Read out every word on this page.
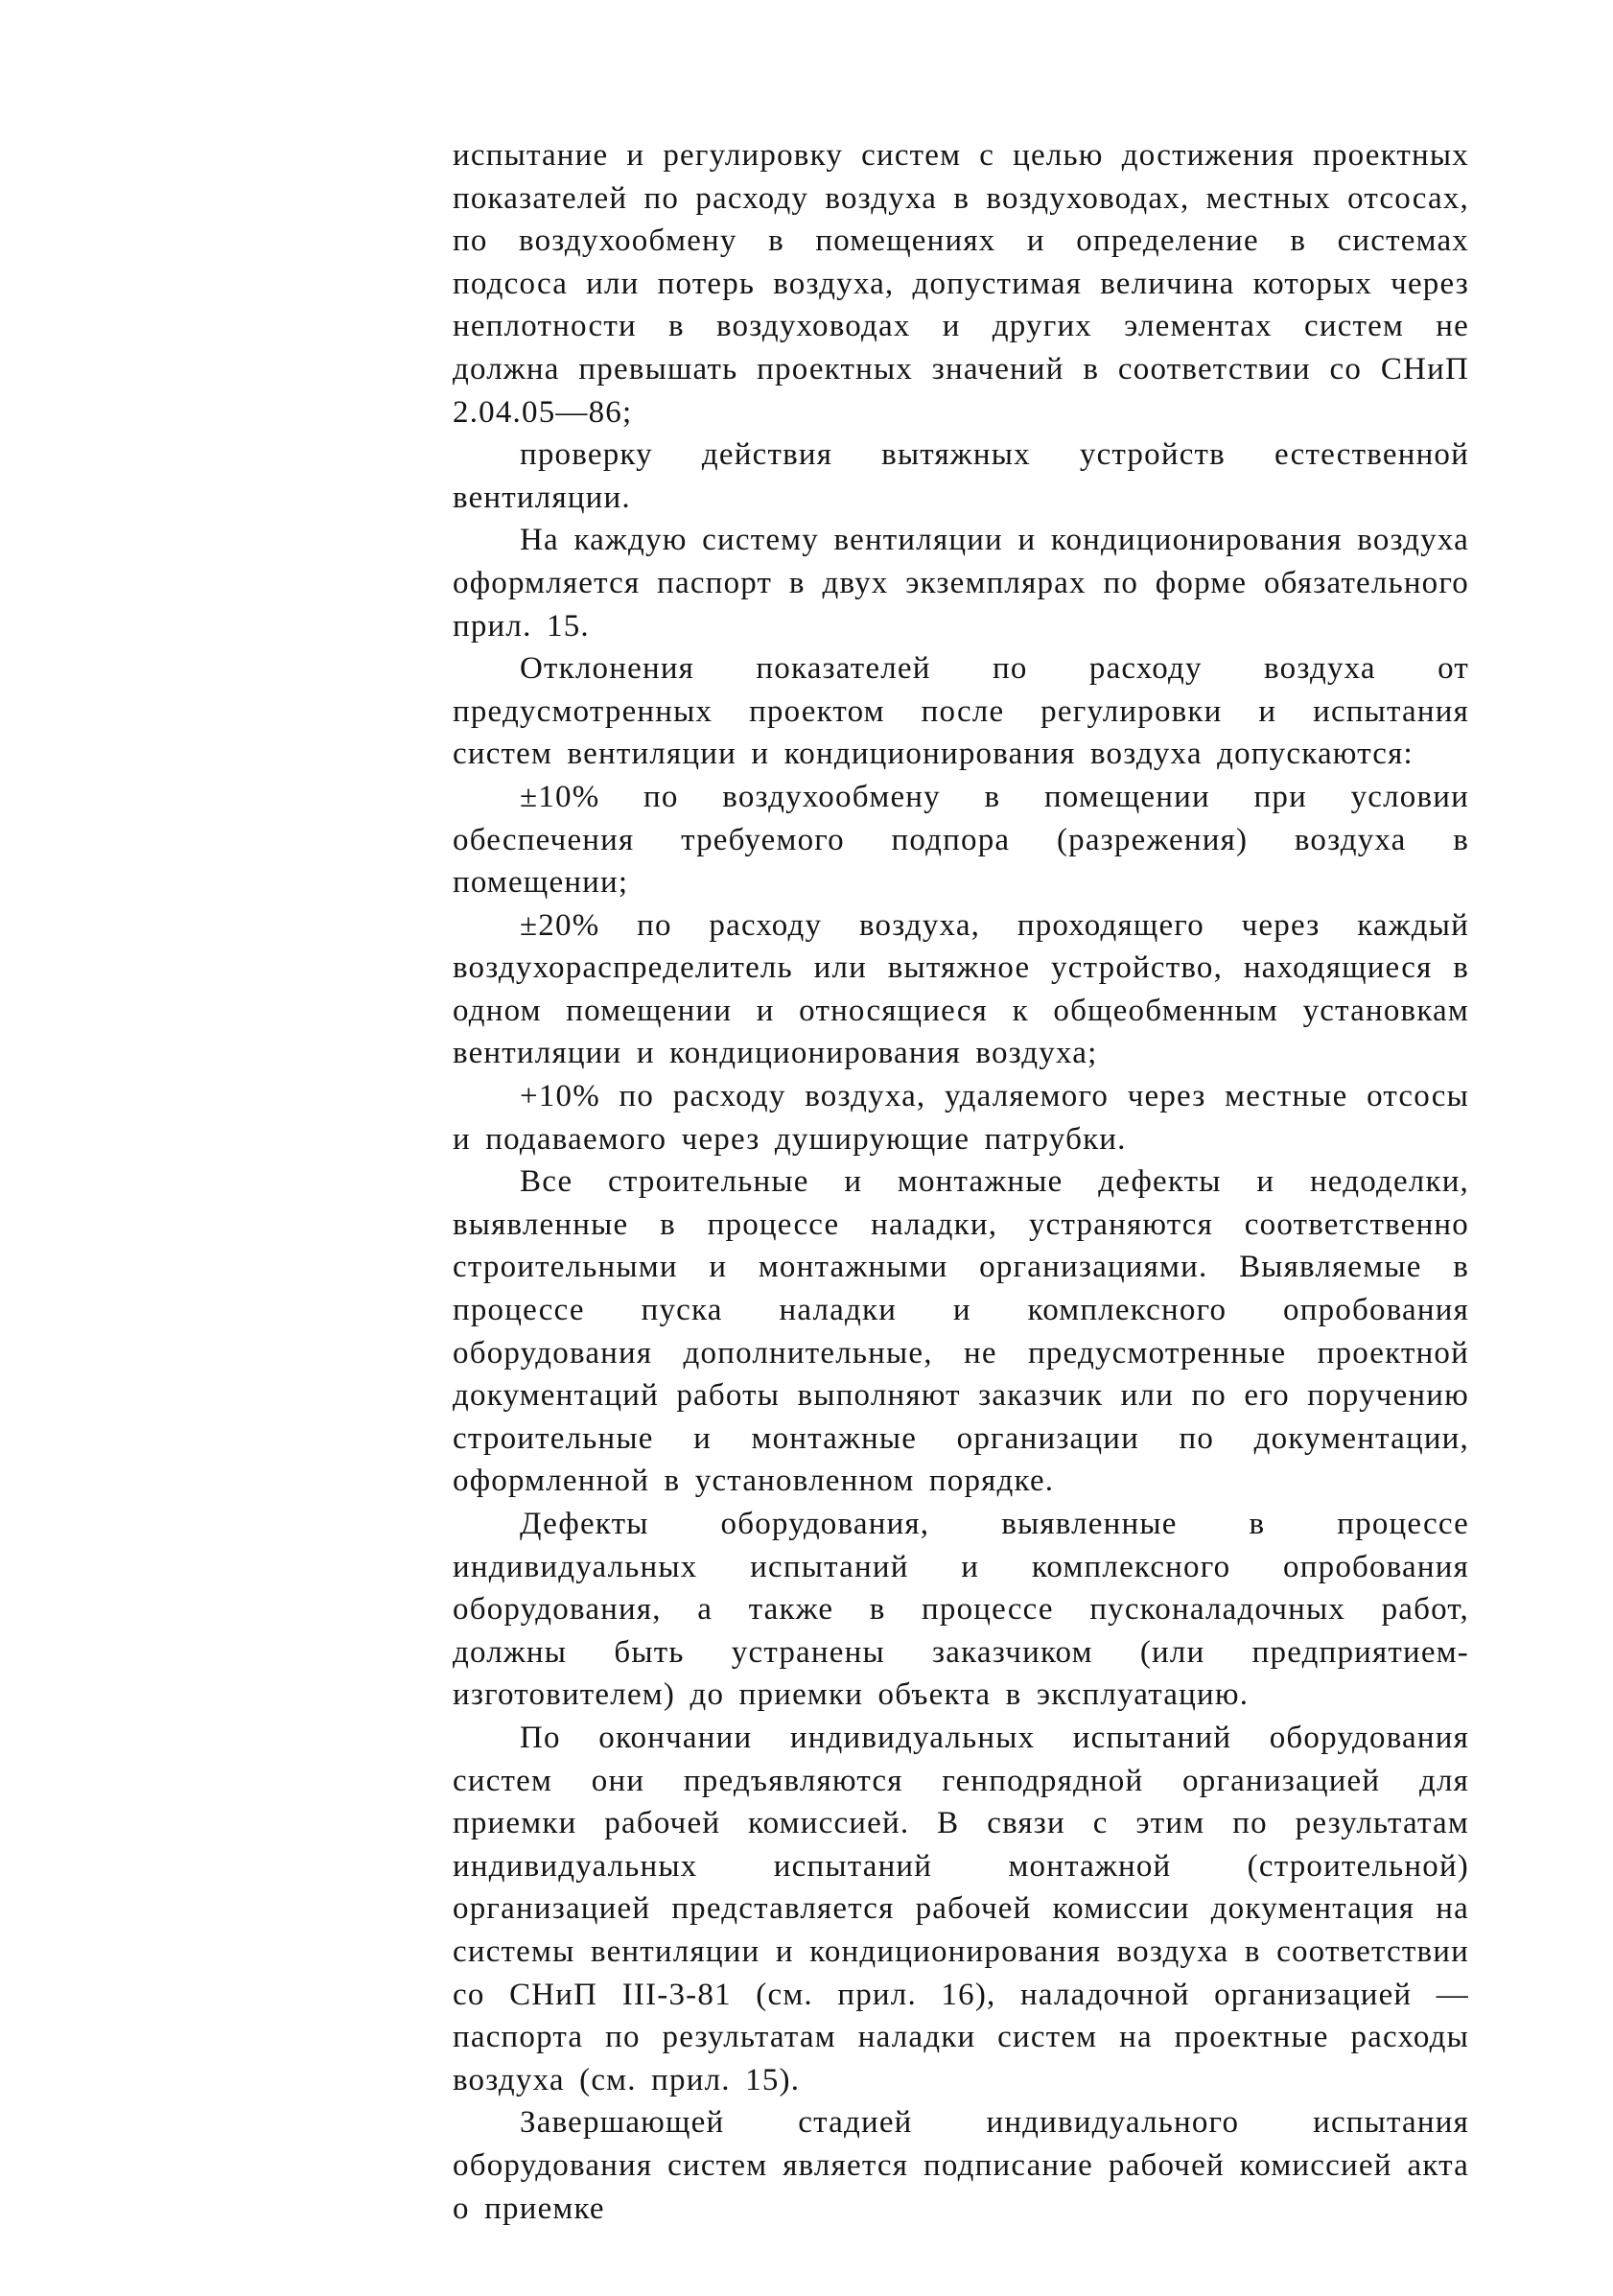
испытание и регулировку систем с целью достижения проектных показателей по расходу воздуха в воздуховодах, местных отсосах, по воздухообмену в помещениях и определение в системах подсоса или потерь воздуха, допустимая величина которых через неплотности в воздуховодах и других элементах систем не должна превышать проектных значений в соответствии со СНиП 2.04.05—86;

проверку действия вытяжных устройств естественной вентиляции.

На каждую систему вентиляции и кондиционирования воздуха оформляется паспорт в двух экземплярах по форме обязательного прил. 15.

Отклонения показателей по расходу воздуха от предусмотренных проектом после регулировки и испытания систем вентиляции и кондиционирования воздуха допускаются:

±10% по воздухообмену в помещении при условии обеспечения требуемого подпора (разрежения) воздуха в помещении;

±20% по расходу воздуха, проходящего через каждый воздухораспределитель или вытяжное устройство, находящиеся в одном помещении и относящиеся к общеобменным установкам вентиляции и кондиционирования воздуха;

+10% по расходу воздуха, удаляемого через местные отсосы и подаваемого через душирующие патрубки.

Все строительные и монтажные дефекты и недоделки, выявленные в процессе наладки, устраняются соответственно строительными и монтажными организациями. Выявляемые в процессе пуска наладки и комплексного опробования оборудования дополнительные, не предусмотренные проектной документаций работы выполняют заказчик или по его поручению строительные и монтажные организации по документации, оформленной в установленном порядке.

Дефекты оборудования, выявленные в процессе индивидуальных испытаний и комплексного опробования оборудования, а также в процессе пусконаладочных работ, должны быть устранены заказчиком (или предприятием-изготовителем) до приемки объекта в эксплуатацию.

По окончании индивидуальных испытаний оборудования систем они предъявляются генподрядной организацией для приемки рабочей комиссией. В связи с этим по результатам индивидуальных испытаний монтажной (строительной) организацией представляется рабочей комиссии документация на системы вентиляции и кондиционирования воздуха в соответствии со СНиП III-3-81 (см. прил. 16), наладочной организацией — паспорта по результатам наладки систем на проектные расходы воздуха (см. прил. 15).

Завершающей стадией индивидуального испытания оборудования систем является подписание рабочей комиссией акта о приемке
